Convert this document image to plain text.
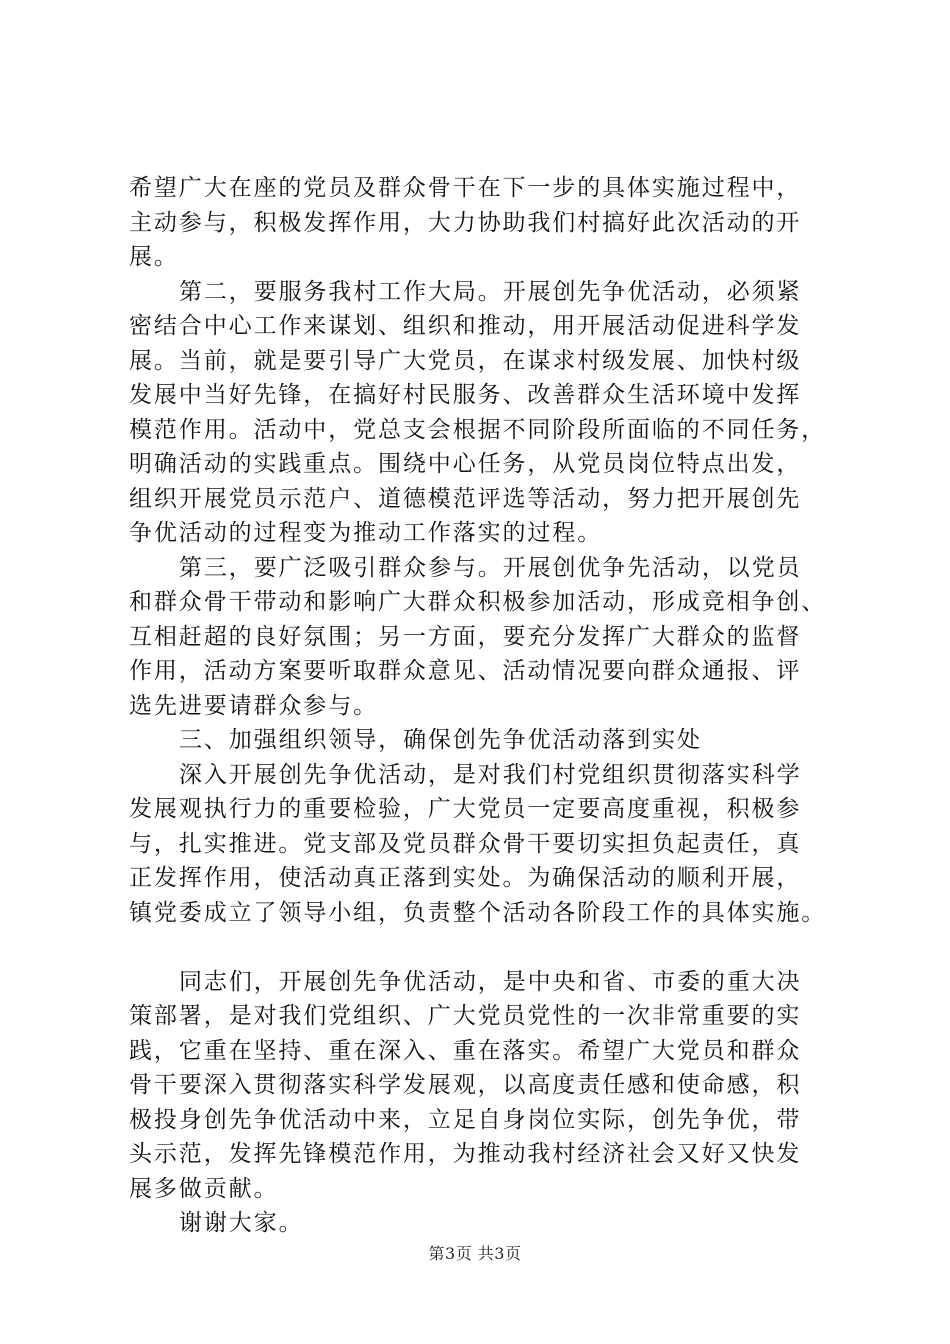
希望广大在座的党员及群众骨干在下一步的具体实施过程中，
主动参与，积极发挥作用，大力协助我们村搞好此次活动的开
展。
第二，要服务我村工作大局。开展创先争优活动，必须紧
密结合中心工作来谋划、组织和推动，用开展活动促进科学发
展。当前，就是要引导广大党员，在谋求村级发展、加快村级
发展中当好先锋，在搞好村民服务、改善群众生活环境中发挥
模范作用。活动中，党总支会根据不同阶段所面临的不同任务，
明确活动的实践重点。围绕中心任务，从党员岗位特点出发，
组织开展党员示范户、道德模范评选等活动，努力把开展创先
争优活动的过程变为推动工作落实的过程。
第三，要广泛吸引群众参与。开展创优争先活动，以党员
和群众骨干带动和影响广大群众积极参加活动，形成竞相争创、
互相赶超的良好氛围；另一方面，要充分发挥广大群众的监督
作用，活动方案要听取群众意见、活动情况要向群众通报、评
选先进要请群众参与。
三、加强组织领导，确保创先争优活动落到实处
深入开展创先争优活动，是对我们村党组织贯彻落实科学
发展观执行力的重要检验，广大党员一定要高度重视，积极参
与，扎实推进。党支部及党员群众骨干要切实担负起责任，真
正发挥作用，使活动真正落到实处。为确保活动的顺利开展，
镇党委成立了领导小组，负责整个活动各阶段工作的具体实施。
同志们，开展创先争优活动，是中央和省、市委的重大决
策部署，是对我们党组织、广大党员党性的一次非常重要的实
践，它重在坚持、重在深入、重在落实。希望广大党员和群众
骨干要深入贯彻落实科学发展观，以高度责任感和使命感，积
极投身创先争优活动中来，立足自身岗位实际，创先争优，带
头示范，发挥先锋模范作用，为推动我村经济社会又好又快发
展多做贡献。
谢谢大家。
第3页 共3页
